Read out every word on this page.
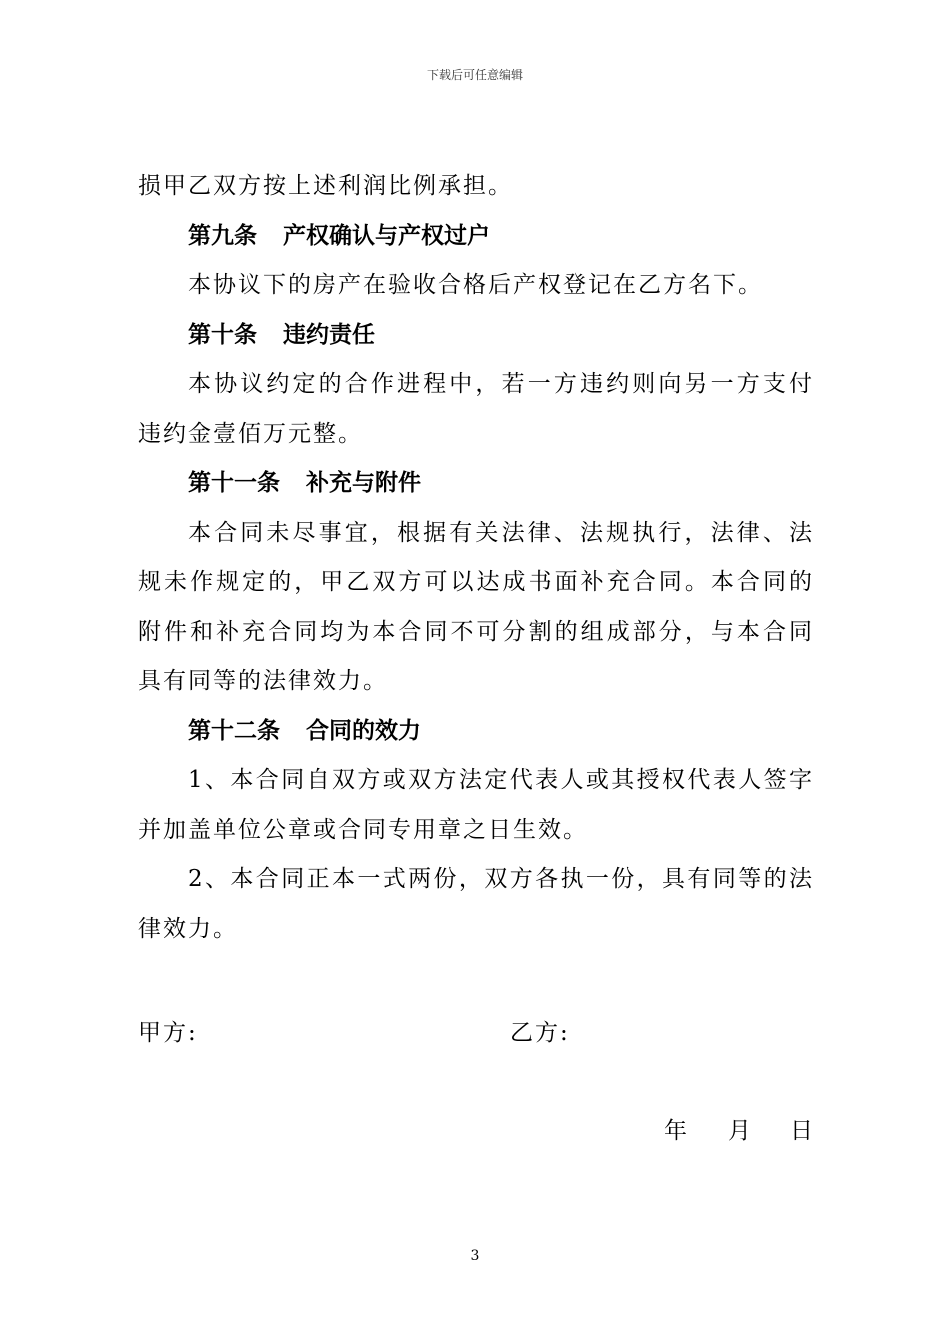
下载后可任意编辑
损甲乙双方按上述利润比例承担。
第九条 产权确认与产权过户
本协议下的房产在验收合格后产权登记在乙方名下。
第十条 违约责任
本协议约定的合作进程中，若一方违约则向另一方支付
违约金壹佰万元整。
第十一条 补充与附件
本合同未尽事宜，根据有关法律、法规执行，法律、法
规未作规定的，甲乙双方可以达成书面补充合同。本合同的
附件和补充合同均为本合同不可分割的组成部分，与本合同
具有同等的法律效力。
第十二条 合同的效力
1、本合同自双方或双方法定代表人或其授权代表人签字
并加盖单位公章或合同专用章之日生效。
2、本合同正本一式两份，双方各执一份，具有同等的法
律效力。
甲方:	乙方:
年 月 日
3
